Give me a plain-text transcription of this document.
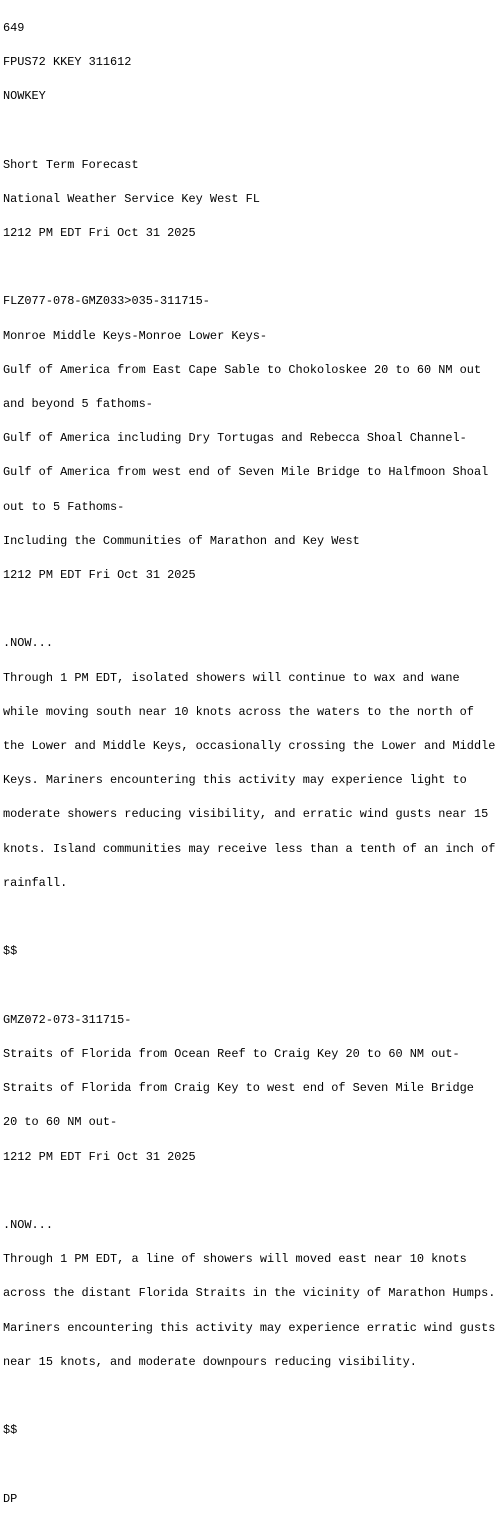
649

FPUS72 KKEY 311612

NOWKEY

Short Term Forecast

National Weather Service Key West FL

1212 PM EDT Fri Oct 31 2025

FLZ077-078-GMZ033>035-311715-

Monroe Middle Keys-Monroe Lower Keys-

Gulf of America from East Cape Sable to Chokoloskee 20 to 60 NM out

and beyond 5 fathoms-

Gulf of America including Dry Tortugas and Rebecca Shoal Channel-

Gulf of America from west end of Seven Mile Bridge to Halfmoon Shoal

out to 5 Fathoms-

Including the Communities of Marathon and Key West

1212 PM EDT Fri Oct 31 2025

.NOW...

Through 1 PM EDT, isolated showers will continue to wax and wane

while moving south near 10 knots across the waters to the north of

the Lower and Middle Keys, occasionally crossing the Lower and Middle

Keys. Mariners encountering this activity may experience light to

moderate showers reducing visibility, and erratic wind gusts near 15

knots. Island communities may receive less than a tenth of an inch of

rainfall.

$$

GMZ072-073-311715-

Straits of Florida from Ocean Reef to Craig Key 20 to 60 NM out-

Straits of Florida from Craig Key to west end of Seven Mile Bridge

20 to 60 NM out-

1212 PM EDT Fri Oct 31 2025

.NOW...

Through 1 PM EDT, a line of showers will moved east near 10 knots

across the distant Florida Straits in the vicinity of Marathon Humps.

Mariners encountering this activity may experience erratic wind gusts

near 15 knots, and moderate downpours reducing visibility.

$$

DP
